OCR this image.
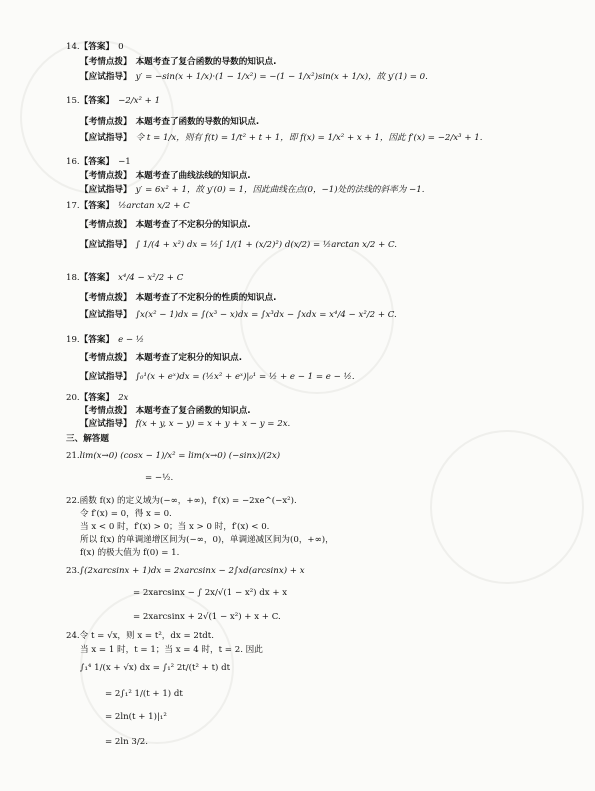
14.【答案】 0
【考情点拨】 本题考查了复合函数的导数的知识点.
【应试指导】 y′ = −sin(x + 1/x)·(1 − 1/x²) = −(1 − 1/x²)sin(x + 1/x)，故 y′(1) = 0.
15.【答案】 −2/x² + 1
【考情点拨】 本题考查了函数的导数的知识点.
【应试指导】 令 t = 1/x，则有 f(t) = 1/t² + t + 1，即 f(x) = 1/x² + x + 1，因此 f′(x) = −2/x³ + 1.
16.【答案】 −1
【考情点拨】 本题考查了曲线法线的知识点.
【应试指导】 y′ = 6x² + 1，故 y′(0) = 1，因此曲线在点(0，−1)处的法线的斜率为 −1.
17.【答案】 ½arctan x/2 + C
【考情点拨】 本题考查了不定积分的知识点.
【应试指导】 ∫ 1/(4 + x²) dx = ½∫ 1/(1 + (x/2)²) d(x/2) = ½arctan x/2 + C.
18.【答案】 x⁴/4 − x²/2 + C
【考情点拨】 本题考查了不定积分的性质的知识点.
【应试指导】 ∫x(x² − 1)dx = ∫(x³ − x)dx = ∫x³dx − ∫xdx = x⁴/4 − x²/2 + C.
19.【答案】 e − ½
【考情点拨】 本题考查了定积分的知识点.
【应试指导】 ∫₀¹(x + eˣ)dx = (½x² + eˣ)|₀¹ = ½ + e − 1 = e − ½.
20.【答案】 2x
【考情点拨】 本题考查了复合函数的知识点.
【应试指导】 f(x + y, x − y) = x + y + x − y = 2x.
三、解答题
21.lim(x→0) (cosx − 1)/x² = lim(x→0) (−sinx)/(2x)
= −½.
22.函数 f(x) 的定义域为(−∞，+∞)，f′(x) = −2xe^(−x²).
令 f′(x) = 0，得 x = 0.
当 x < 0 时，f′(x) > 0；当 x > 0 时，f′(x) < 0.
所以 f(x) 的单调递增区间为(−∞，0)，单调递减区间为(0，+∞)，
f(x) 的极大值为 f(0) = 1.
23.∫(2xarcsinx + 1)dx = 2xarcsinx − 2∫xd(arcsinx) + x
= 2xarcsinx − ∫ 2x/√(1 − x²) dx + x
= 2xarcsinx + 2√(1 − x²) + x + C.
24.令 t = √x，则 x = t²，dx = 2tdt.
当 x = 1 时，t = 1；当 x = 4 时，t = 2. 因此
∫₁⁴ 1/(x + √x) dx = ∫₁² 2t/(t² + t) dt
= 2∫₁² 1/(t + 1) dt
= 2ln(t + 1)|₁²
= 2ln 3/2.
